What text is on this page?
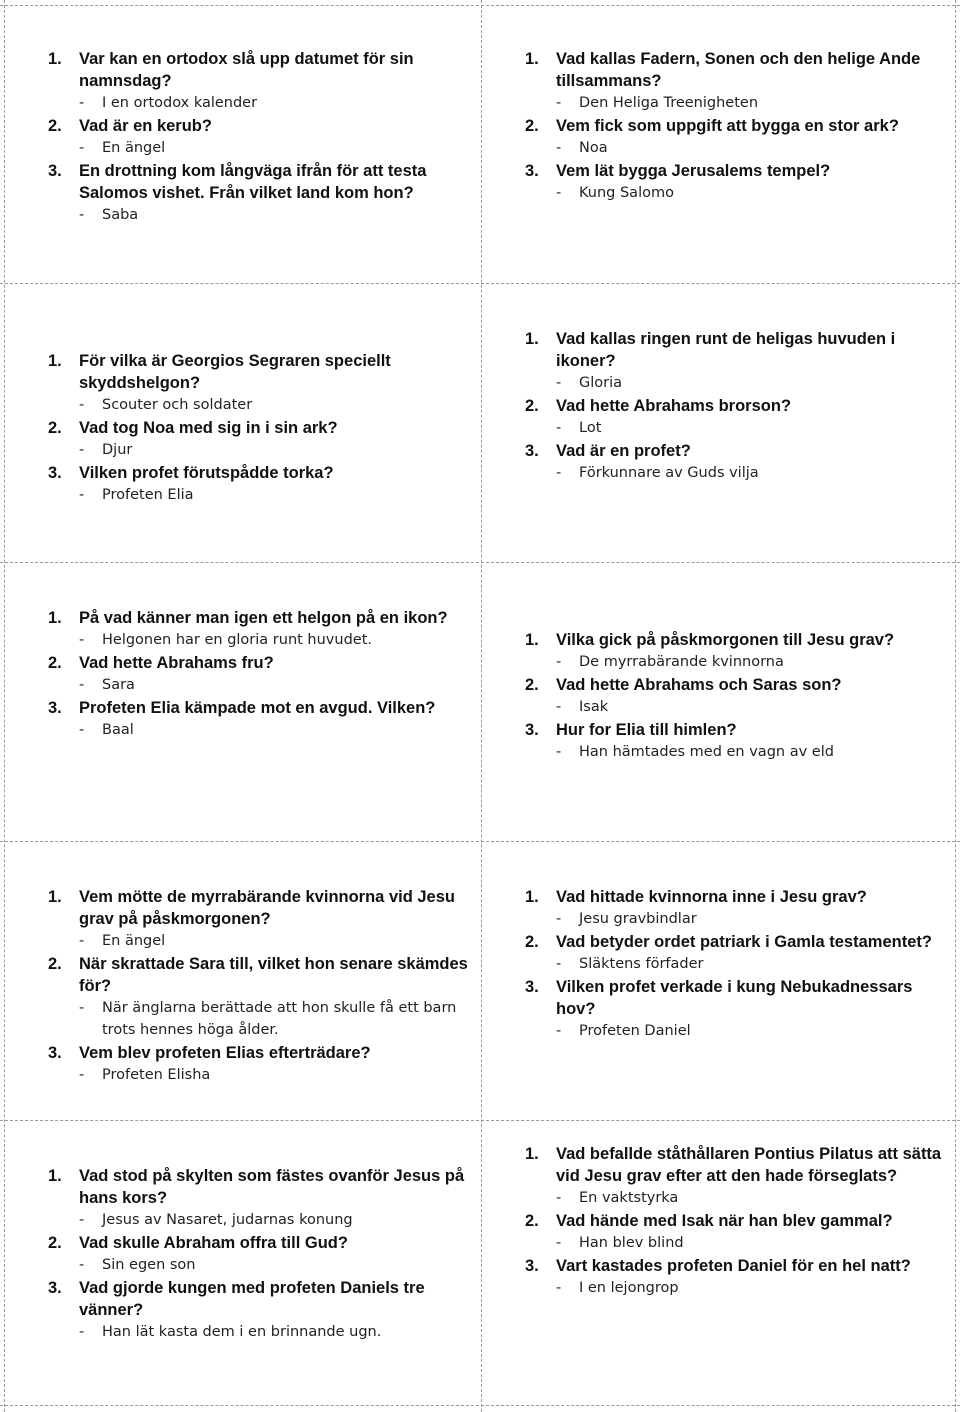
1.	Var kan en ortodox slå upp datumet för sin namnsdag?
-	I en ortodox kalender
2.	Vad är en kerub?
-	En ängel
3.	En drottning kom långväga ifrån för att testa Salomos vishet. Från vilket land kom hon?
-	Saba
1.	Vad kallas Fadern, Sonen och den helige Ande tillsammans?
-	Den Heliga Treenigheten
2.	Vem fick som uppgift att bygga en stor ark?
-	Noa
3.	Vem lät bygga Jerusalems tempel?
-	Kung Salomo
1.	För vilka är Georgios Segraren speciellt skyddshelgon?
-	Scouter och soldater
2.	Vad tog Noa med sig in i sin ark?
-	Djur
3.	Vilken profet förutspådde torka?
-	Profeten Elia
1.	Vad kallas ringen runt de heligas huvuden i ikoner?
-	Gloria
2.	Vad hette Abrahams brorson?
-	Lot
3.	Vad är en profet?
-	Förkunnare av Guds vilja
1.	På vad känner man igen ett helgon på en ikon?
-	Helgonen har en gloria runt huvudet.
2.	Vad hette Abrahams fru?
-	Sara
3.	Profeten Elia kämpade mot en avgud. Vilken?
-	Baal
1.	Vilka gick på påskmorgonen till Jesu grav?
-	De myrrabärande kvinnorna
2.	Vad hette Abrahams och Saras son?
-	Isak
3.	Hur for Elia till himlen?
-	Han hämtades med en vagn av eld
1.	Vem mötte de myrrabärande kvinnorna vid Jesu grav på påskmorgonen?
-	En ängel
2.	När skrattade Sara till, vilket hon senare skämdes för?
-	När änglarna berättade att hon skulle få ett barn trots hennes höga ålder.
3.	Vem blev profeten Elias efterträdare?
-	Profeten Elisha
1.	Vad hittade kvinnorna inne i Jesu grav?
-	Jesu gravbindlar
2.	Vad betyder ordet patriark i Gamla testamentet?
-	Släktens förfader
3.	Vilken profet verkade i kung Nebukadnessars hov?
-	Profeten Daniel
1.	Vad stod på skylten som fästes ovanför Jesus på hans kors?
-	Jesus av Nasaret, judarnas konung
2.	Vad skulle Abraham offra till Gud?
-	Sin egen son
3.	Vad gjorde kungen med profeten Daniels tre vänner?
-	Han lät kasta dem i en brinnande ugn.
1.	Vad befallde ståthållaren Pontius Pilatus att sätta vid Jesu grav efter att den hade förseglats?
-	En vaktstyrka
2.	Vad hände med Isak när han blev gammal?
-	Han blev blind
3.	Vart kastades profeten Daniel för en hel natt?
-	I en lejongrop
